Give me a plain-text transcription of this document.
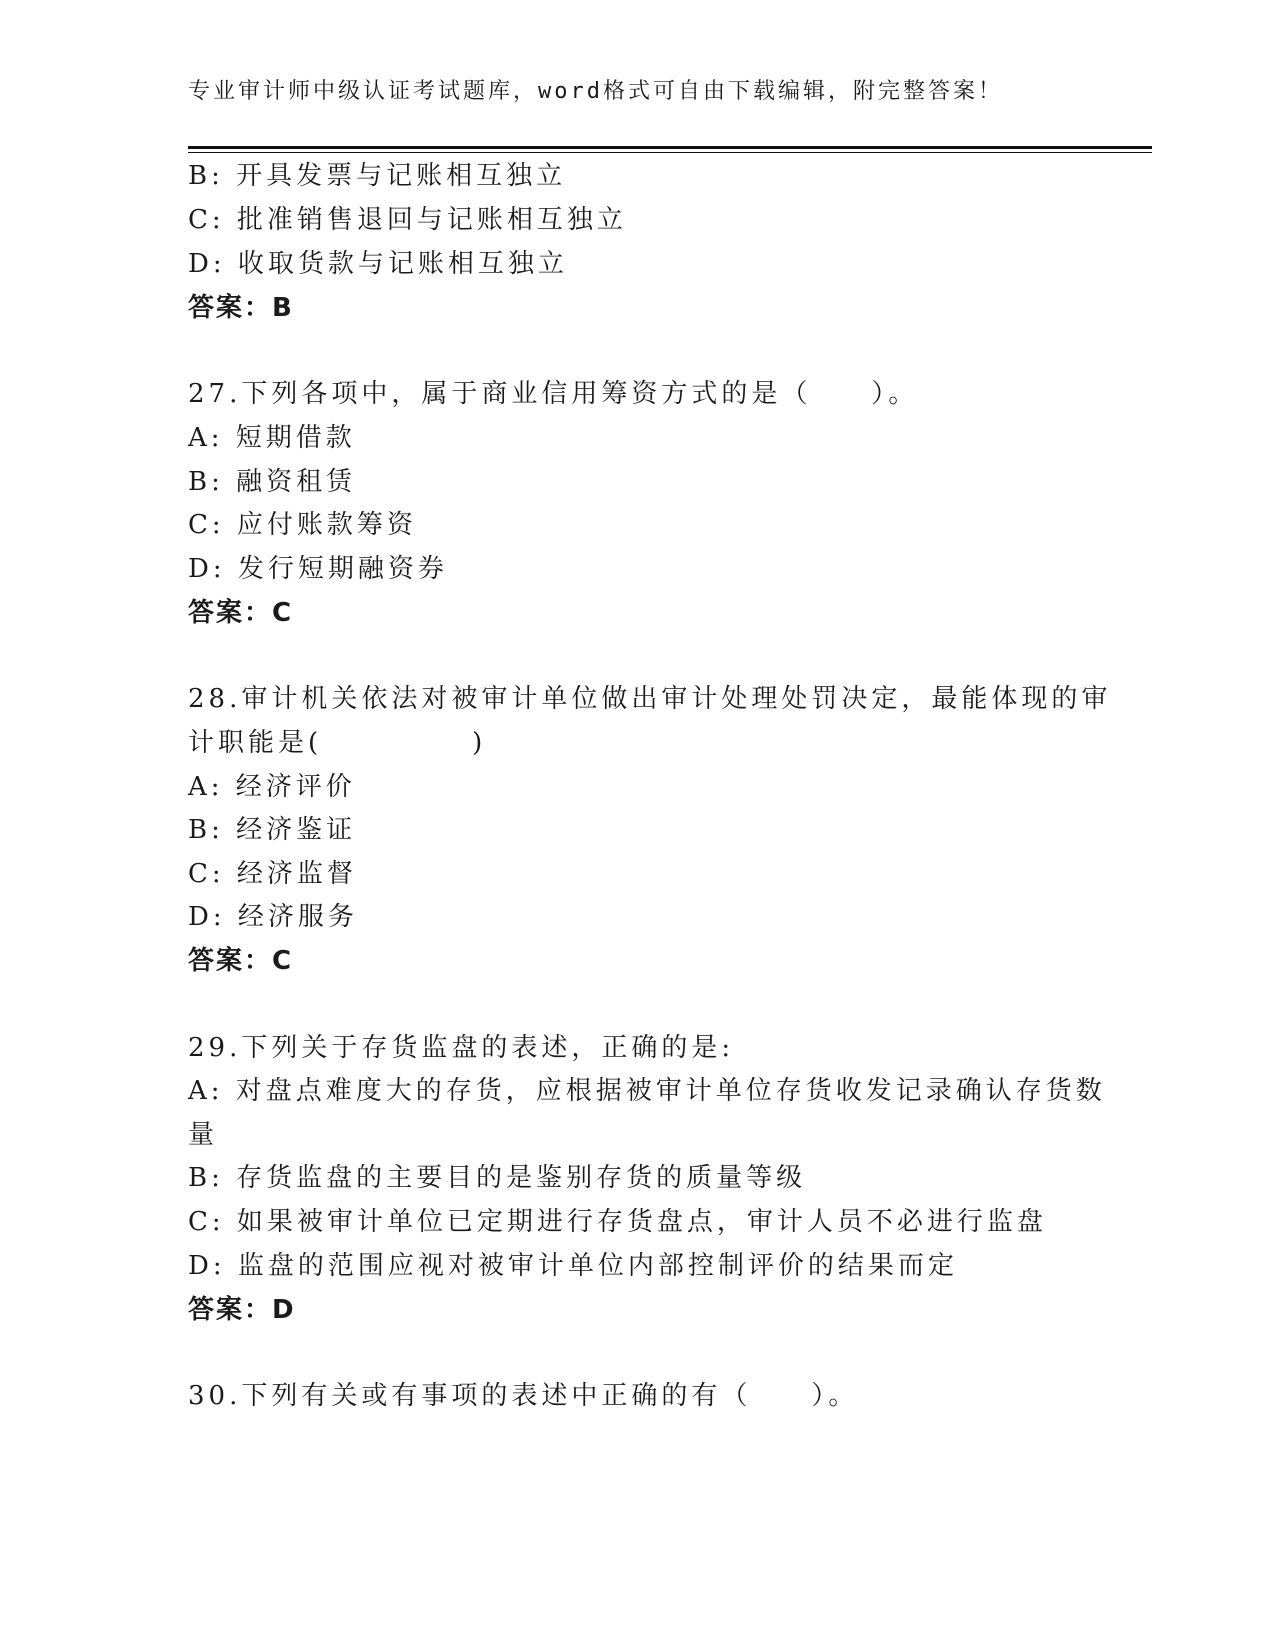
专业审计师中级认证考试题库，word格式可自由下载编辑，附完整答案！
B: 开具发票与记账相互独立
C: 批准销售退回与记账相互独立
D: 收取货款与记账相互独立
答案：B
27.下列各项中，属于商业信用筹资方式的是（　　）。
A: 短期借款
B: 融资租赁
C: 应付账款筹资
D: 发行短期融资券
答案：C
28.审计机关依法对被审计单位做出审计处理处罚决定，最能体现的审
计职能是(　　　　　)
A: 经济评价
B: 经济鉴证
C: 经济监督
D: 经济服务
答案：C
29.下列关于存货监盘的表述，正确的是:
A: 对盘点难度大的存货，应根据被审计单位存货收发记录确认存货数
量
B: 存货监盘的主要目的是鉴别存货的质量等级
C: 如果被审计单位已定期进行存货盘点，审计人员不必进行监盘
D: 监盘的范围应视对被审计单位内部控制评价的结果而定
答案：D
30.下列有关或有事项的表述中正确的有（　　）。
